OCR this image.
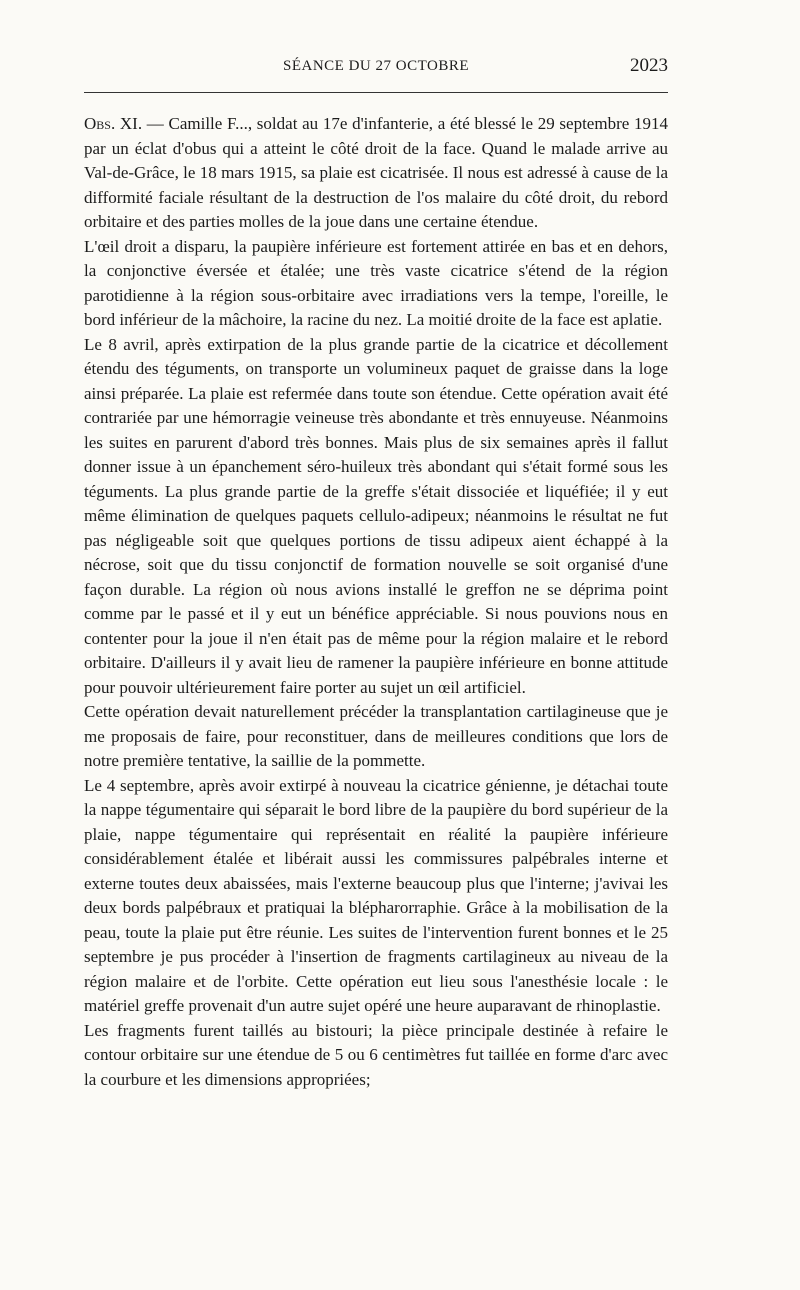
SÉANCE DU 27 OCTOBRE	2023

Obs. XI. — Camille F..., soldat au 17e d'infanterie, a été blessé le 29 septembre 1914 par un éclat d'obus qui a atteint le côté droit de la face. Quand le malade arrive au Val-de-Grâce, le 18 mars 1915, sa plaie est cicatrisée. Il nous est adressé à cause de la difformité faciale résultant de la destruction de l'os malaire du côté droit, du rebord orbitaire et des parties molles de la joue dans une certaine étendue.

L'œil droit a disparu, la paupière inférieure est fortement attirée en bas et en dehors, la conjonctive éversée et étalée; une très vaste cicatrice s'étend de la région parotidienne à la région sous-orbitaire avec irradiations vers la tempe, l'oreille, le bord inférieur de la mâchoire, la racine du nez. La moitié droite de la face est aplatie.

Le 8 avril, après extirpation de la plus grande partie de la cicatrice et décollement étendu des téguments, on transporte un volumineux paquet de graisse dans la loge ainsi préparée. La plaie est refermée dans toute son étendue. Cette opération avait été contrariée par une hémorragie veineuse très abondante et très ennuyeuse. Néanmoins les suites en parurent d'abord très bonnes. Mais plus de six semaines après il fallut donner issue à un épanchement séro-huileux très abondant qui s'était formé sous les téguments. La plus grande partie de la greffe s'était dissociée et liquéfiée; il y eut même élimination de quelques paquets cellulo-adipeux; néanmoins le résultat ne fut pas négligeable soit que quelques portions de tissu adipeux aient échappé à la nécrose, soit que du tissu conjonctif de formation nouvelle se soit organisé d'une façon durable. La région où nous avions installé le greffon ne se déprima point comme par le passé et il y eut un bénéfice appréciable. Si nous pouvions nous en contenter pour la joue il n'en était pas de même pour la région malaire et le rebord orbitaire. D'ailleurs il y avait lieu de ramener la paupière inférieure en bonne attitude pour pouvoir ultérieurement faire porter au sujet un œil artificiel.

Cette opération devait naturellement précéder la transplantation cartilagineuse que je me proposais de faire, pour reconstituer, dans de meilleures conditions que lors de notre première tentative, la saillie de la pommette.

Le 4 septembre, après avoir extirpé à nouveau la cicatrice génienne, je détachai toute la nappe tégumentaire qui séparait le bord libre de la paupière du bord supérieur de la plaie, nappe tégumentaire qui représentait en réalité la paupière inférieure considérablement étalée et libérait aussi les commissures palpébrales interne et externe toutes deux abaissées, mais l'externe beaucoup plus que l'interne; j'avivai les deux bords palpébraux et pratiquai la blépharorraphie. Grâce à la mobilisation de la peau, toute la plaie put être réunie. Les suites de l'intervention furent bonnes et le 25 septembre je pus procéder à l'insertion de fragments cartilagineux au niveau de la région malaire et de l'orbite. Cette opération eut lieu sous l'anesthésie locale : le matériel greffe provenait d'un autre sujet opéré une heure auparavant de rhinoplastie.

Les fragments furent taillés au bistouri; la pièce principale destinée à refaire le contour orbitaire sur une étendue de 5 ou 6 centimètres fut taillée en forme d'arc avec la courbure et les dimensions appropriées;
